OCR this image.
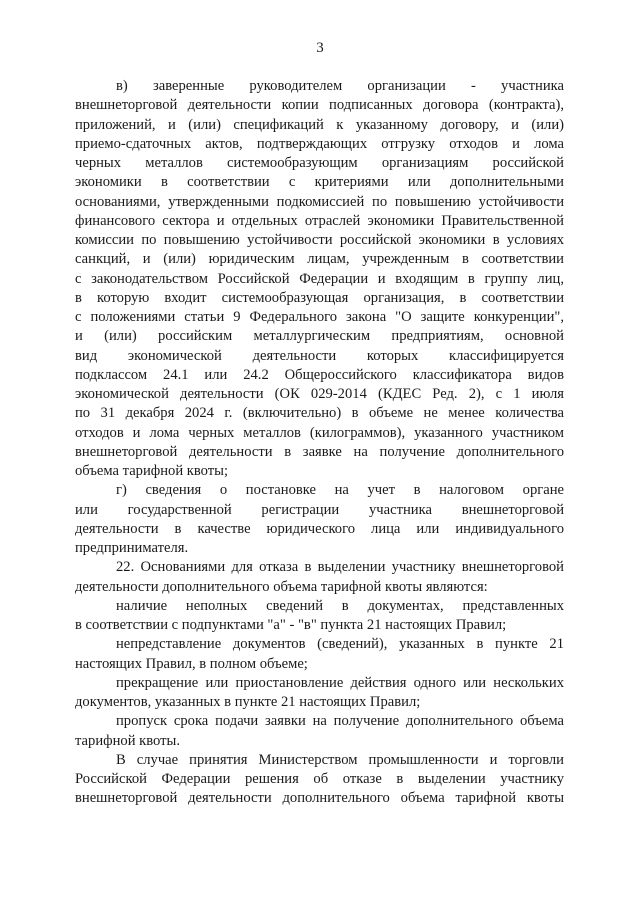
3
в) заверенные руководителем организации - участника
внешнеторговой деятельности копии подписанных договора (контракта),
приложений, и (или) спецификаций к указанному договору, и (или)
приемо-сдаточных актов, подтверждающих отгрузку отходов и лома
черных металлов системообразующим организациям российской
экономики в соответствии с критериями или дополнительными
основаниями, утвержденными подкомиссией по повышению устойчивости
финансового сектора и отдельных отраслей экономики Правительственной
комиссии по повышению устойчивости российской экономики в условиях
санкций, и (или) юридическим лицам, учрежденным в соответствии
с законодательством Российской Федерации и входящим в группу лиц,
в которую входит системообразующая организация, в соответствии
с положениями статьи 9 Федерального закона "О защите конкуренции",
и (или) российским металлургическим предприятиям, основной
вид экономической деятельности которых классифицируется
подклассом 24.1 или 24.2 Общероссийского классификатора видов
экономической деятельности (ОК 029-2014 (КДЕС Ред. 2), с 1 июля
по 31 декабря 2024 г. (включительно) в объеме не менее количества
отходов и лома черных металлов (килограммов), указанного участником
внешнеторговой деятельности в заявке на получение дополнительного
объема тарифной квоты;
г) сведения о постановке на учет в налоговом органе
или государственной регистрации участника внешнеторговой
деятельности в качестве юридического лица или индивидуального
предпринимателя.
22. Основаниями для отказа в выделении участнику внешнеторговой
деятельности дополнительного объема тарифной квоты являются:
наличие неполных сведений в документах, представленных
в соответствии с подпунктами "а" - "в" пункта 21 настоящих Правил;
непредставление документов (сведений), указанных в пункте 21
настоящих Правил, в полном объеме;
прекращение или приостановление действия одного или нескольких
документов, указанных в пункте 21 настоящих Правил;
пропуск срока подачи заявки на получение дополнительного объема
тарифной квоты.
В случае принятия Министерством промышленности и торговли
Российской Федерации решения об отказе в выделении участнику
внешнеторговой деятельности дополнительного объема тарифной квоты
